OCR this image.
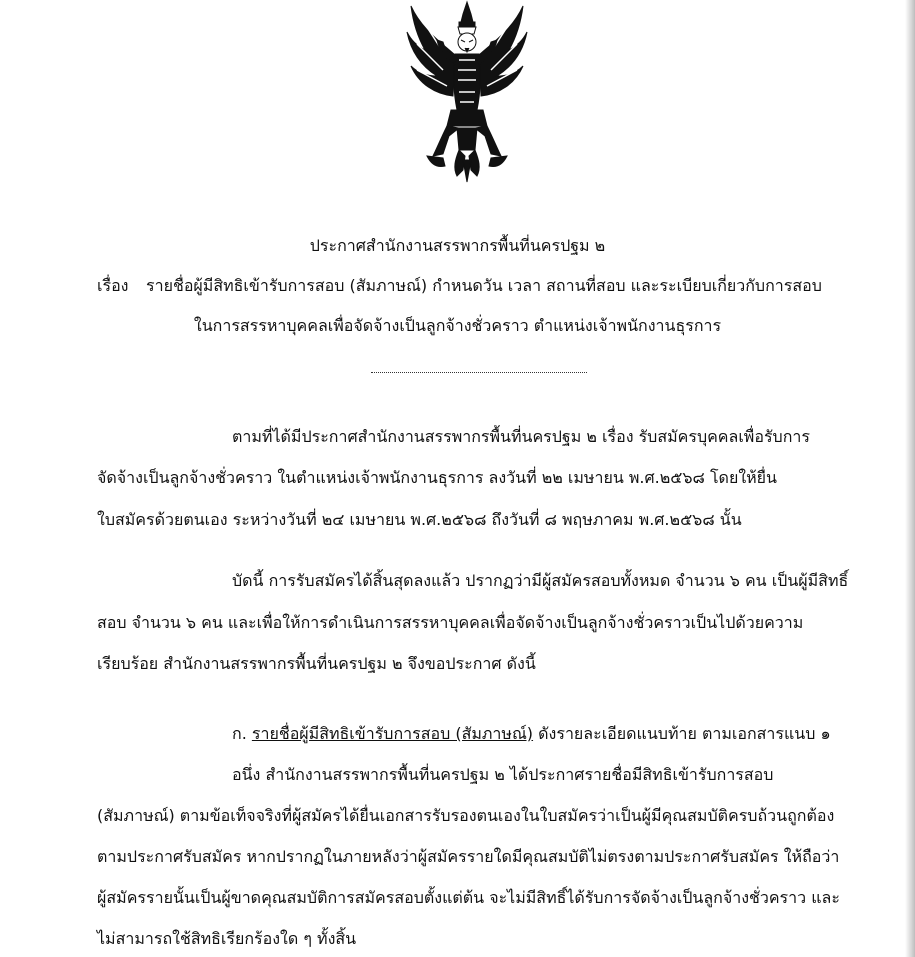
ประกาศสำนักงานสรรพากรพื้นที่นครปฐม ๒
เรื่อง รายชื่อผู้มีสิทธิเข้ารับการสอบ (สัมภาษณ์) กำหนดวัน เวลา สถานที่สอบ และระเบียบเกี่ยวกับการสอบ
ในการสรรหาบุคคลเพื่อจัดจ้างเป็นลูกจ้างชั่วคราว ตำแหน่งเจ้าพนักงานธุรการ
ตามที่ได้มีประกาศสำนักงานสรรพากรพื้นที่นครปฐม ๒ เรื่อง รับสมัครบุคคลเพื่อรับการ
จัดจ้างเป็นลูกจ้างชั่วคราว ในตำแหน่งเจ้าพนักงานธุรการ ลงวันที่ ๒๒ เมษายน พ.ศ.๒๕๖๘ โดยให้ยื่น
ใบสมัครด้วยตนเอง ระหว่างวันที่ ๒๔ เมษายน พ.ศ.๒๕๖๘ ถึงวันที่ ๘ พฤษภาคม พ.ศ.๒๕๖๘ นั้น
บัดนี้ การรับสมัครได้สิ้นสุดลงแล้ว ปรากฏว่ามีผู้สมัครสอบทั้งหมด จำนวน ๖ คน เป็นผู้มีสิทธิ์
สอบ จำนวน ๖ คน และเพื่อให้การดำเนินการสรรหาบุคคลเพื่อจัดจ้างเป็นลูกจ้างชั่วคราวเป็นไปด้วยความ
เรียบร้อย สำนักงานสรรพากรพื้นที่นครปฐม ๒ จึงขอประกาศ ดังนี้
ก. รายชื่อผู้มีสิทธิเข้ารับการสอบ (สัมภาษณ์) ดังรายละเอียดแนบท้าย ตามเอกสารแนบ ๑
อนึ่ง สำนักงานสรรพากรพื้นที่นครปฐม ๒ ได้ประกาศรายชื่อมีสิทธิเข้ารับการสอบ
(สัมภาษณ์) ตามข้อเท็จจริงที่ผู้สมัครได้ยื่นเอกสารรับรองตนเองในใบสมัครว่าเป็นผู้มีคุณสมบัติครบถ้วนถูกต้อง
ตามประกาศรับสมัคร หากปรากฏในภายหลังว่าผู้สมัครรายใดมีคุณสมบัติไม่ตรงตามประกาศรับสมัคร ให้ถือว่า
ผู้สมัครรายนั้นเป็นผู้ขาดคุณสมบัติการสมัครสอบตั้งแต่ต้น จะไม่มีสิทธิ์ได้รับการจัดจ้างเป็นลูกจ้างชั่วคราว และ
ไม่สามารถใช้สิทธิเรียกร้องใด ๆ ทั้งสิ้น
